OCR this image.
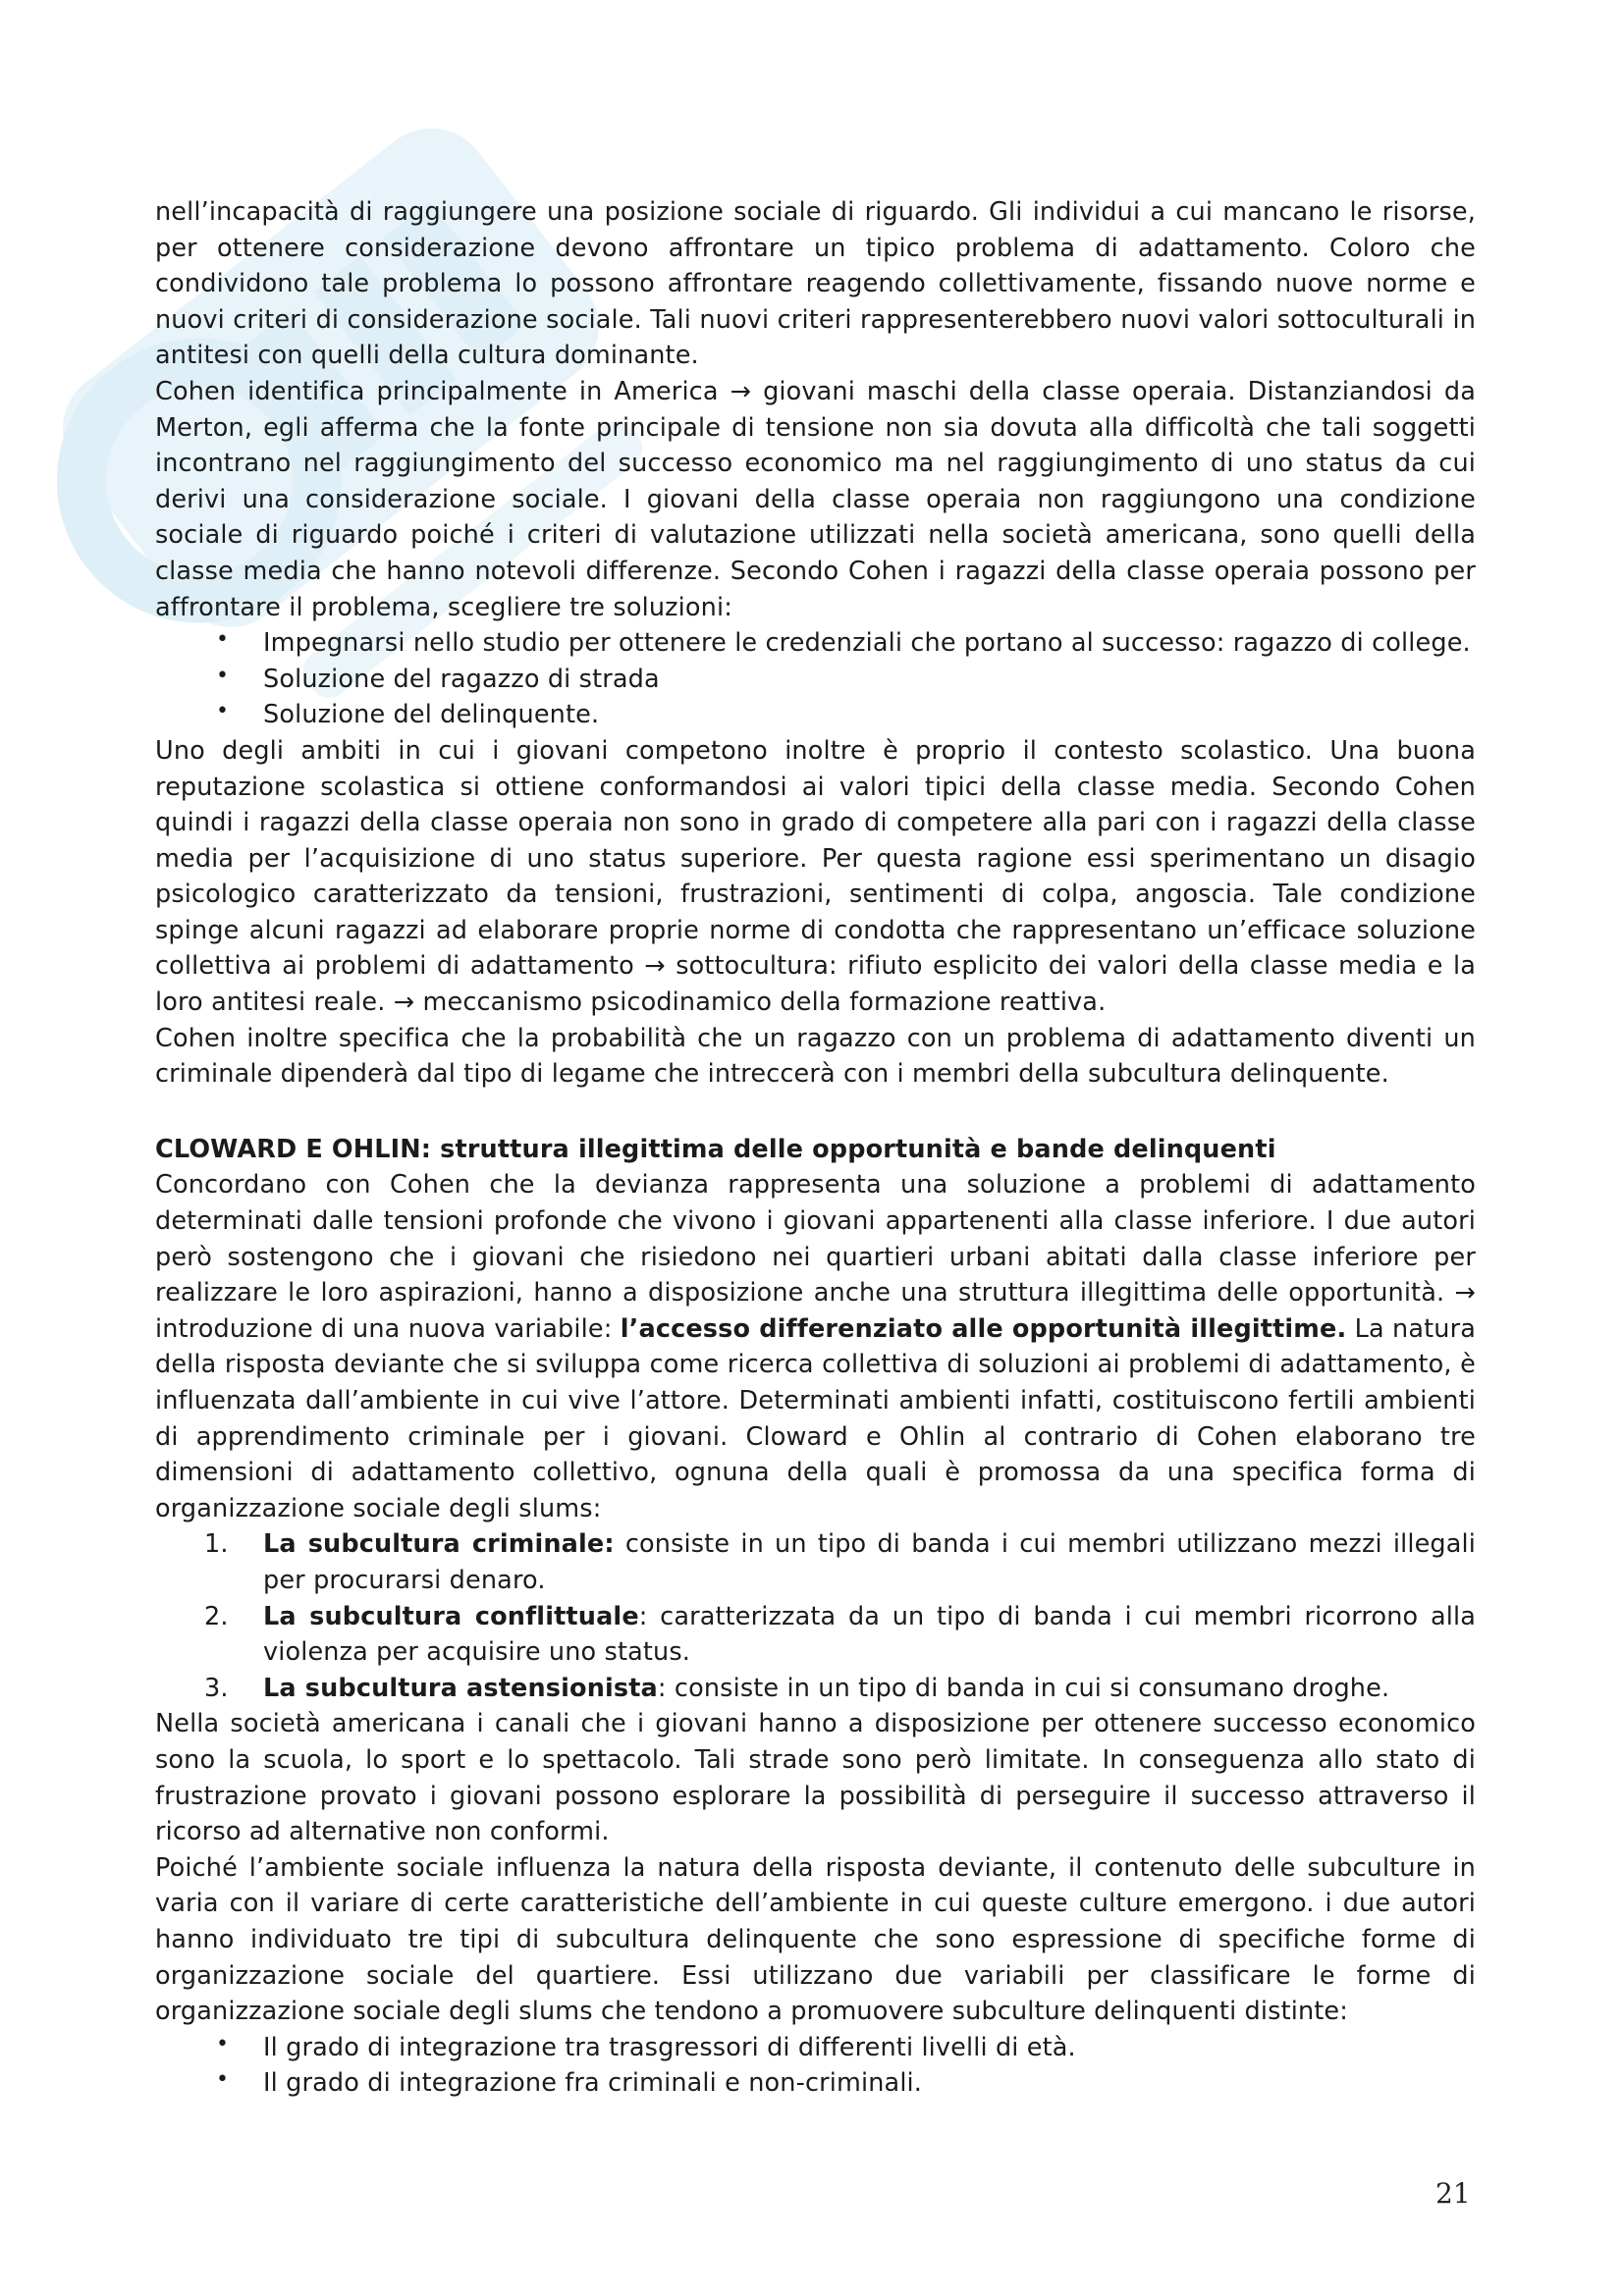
nell’incapacità di raggiungere una posizione sociale di riguardo. Gli individui a cui mancano le risorse, per ottenere considerazione devono affrontare un tipico problema di adattamento. Coloro che condividono tale problema lo possono affrontare reagendo collettivamente, fissando nuove norme e nuovi criteri di considerazione sociale. Tali nuovi criteri rappresenterebbero nuovi valori sottoculturali in antitesi con quelli della cultura dominante.

Cohen identifica principalmente in America → giovani maschi della classe operaia. Distanziandosi da Merton, egli afferma che la fonte principale di tensione non sia dovuta alla difficoltà che tali soggetti incontrano nel raggiungimento del successo economico ma nel raggiungimento di uno status da cui derivi una considerazione sociale. I giovani della classe operaia non raggiungono una condizione sociale di riguardo poiché i criteri di valutazione utilizzati nella società americana, sono quelli della classe media che hanno notevoli differenze. Secondo Cohen i ragazzi della classe operaia possono per affrontare il problema, scegliere tre soluzioni:

• Impegnarsi nello studio per ottenere le credenziali che portano al successo: ragazzo di college.
• Soluzione del ragazzo di strada
• Soluzione del delinquente.

Uno degli ambiti in cui i giovani competono inoltre è proprio il contesto scolastico. Una buona reputazione scolastica si ottiene conformandosi ai valori tipici della classe media. Secondo Cohen quindi i ragazzi della classe operaia non sono in grado di competere alla pari con i ragazzi della classe media per l’acquisizione di uno status superiore. Per questa ragione essi sperimentano un disagio psicologico caratterizzato da tensioni, frustrazioni, sentimenti di colpa, angoscia. Tale condizione spinge alcuni ragazzi ad elaborare proprie norme di condotta che rappresentano un’efficace soluzione collettiva ai problemi di adattamento → sottocultura: rifiuto esplicito dei valori della classe media e la loro antitesi reale. → meccanismo psicodinamico della formazione reattiva.

Cohen inoltre specifica che la probabilità che un ragazzo con un problema di adattamento diventi un criminale dipenderà dal tipo di legame che intreccerà con i membri della subcultura delinquente.

CLOWARD E OHLIN: struttura illegittima delle opportunità e bande delinquenti

Concordano con Cohen che la devianza rappresenta una soluzione a problemi di adattamento determinati dalle tensioni profonde che vivono i giovani appartenenti alla classe inferiore. I due autori però sostengono che i giovani che risiedono nei quartieri urbani abitati dalla classe inferiore per realizzare le loro aspirazioni, hanno a disposizione anche una struttura illegittima delle opportunità. → introduzione di una nuova variabile: l’accesso differenziato alle opportunità illegittime. La natura della risposta deviante che si sviluppa come ricerca collettiva di soluzioni ai problemi di adattamento, è influenzata dall’ambiente in cui vive l’attore. Determinati ambienti infatti, costituiscono fertili ambienti di apprendimento criminale per i giovani. Cloward e Ohlin al contrario di Cohen elaborano tre dimensioni di adattamento collettivo, ognuna della quali è promossa da una specifica forma di organizzazione sociale degli slums:

1. La subcultura criminale: consiste in un tipo di banda i cui membri utilizzano mezzi illegali per procurarsi denaro.
2. La subcultura conflittuale: caratterizzata da un tipo di banda i cui membri ricorrono alla violenza per acquisire uno status.
3. La subcultura astensionista: consiste in un tipo di banda in cui si consumano droghe.

Nella società americana i canali che i giovani hanno a disposizione per ottenere successo economico sono la scuola, lo sport e lo spettacolo. Tali strade sono però limitate. In conseguenza allo stato di frustrazione provato i giovani possono esplorare la possibilità di perseguire il successo attraverso il ricorso ad alternative non conformi.

Poiché l’ambiente sociale influenza la natura della risposta deviante, il contenuto delle subculture in varia con il variare di certe caratteristiche dell’ambiente in cui queste culture emergono. i due autori hanno individuato tre tipi di subcultura delinquente che sono espressione di specifiche forme di organizzazione sociale del quartiere. Essi utilizzano due variabili per classificare le forme di organizzazione sociale degli slums che tendono a promuovere subculture delinquenti distinte:

• Il grado di integrazione tra trasgressori di differenti livelli di età.
• Il grado di integrazione fra criminali e non-criminali.
21
